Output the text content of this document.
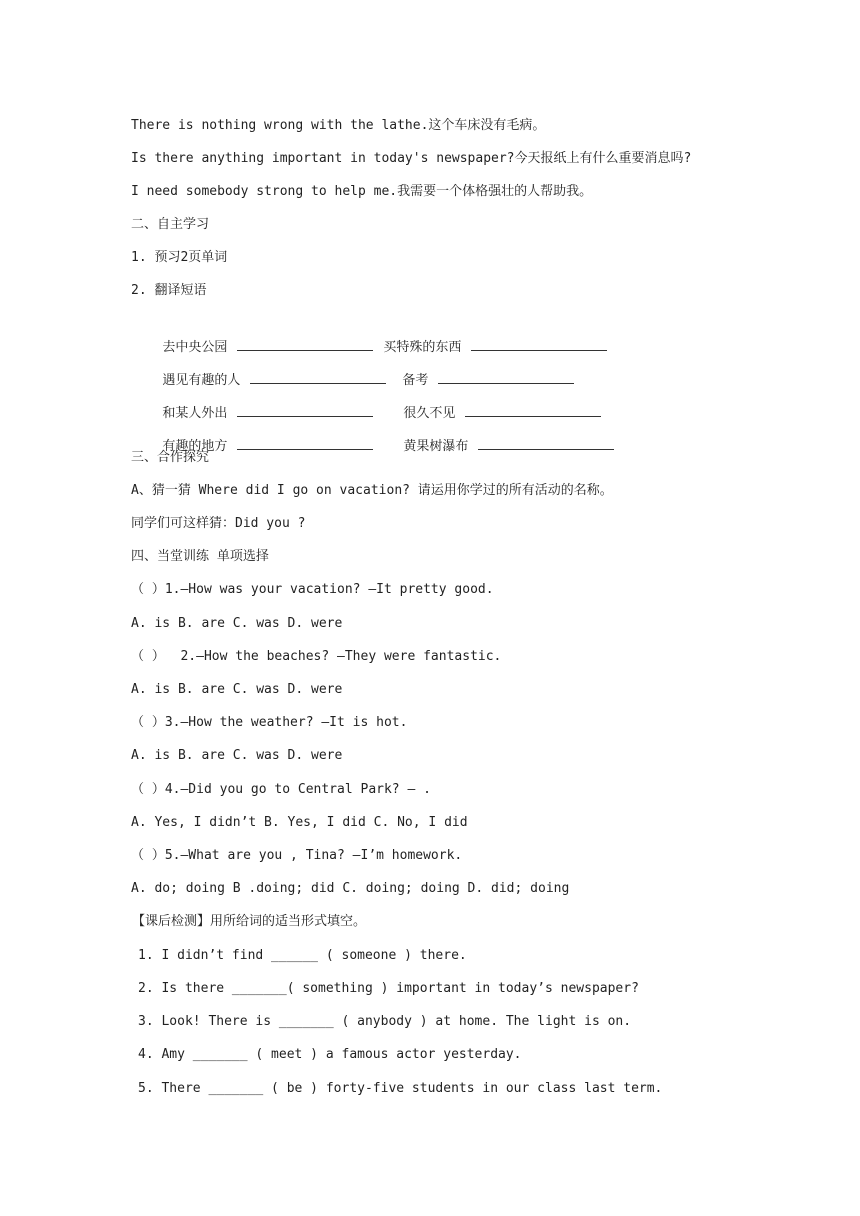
There is nothing wrong with the lathe.这个车床没有毛病。
Is there anything important in today's newspaper?今天报纸上有什么重要消息吗?
I need somebody strong to help me.我需要一个体格强壮的人帮助我。
二、自主学习
1. 预习2页单词
2. 翻译短语

去中央公园	买特殊的东西

遇见有趣的人	备考

和某人外出	很久不见

有趣的地方	黄果树瀑布

三、合作探究
A、猜一猜 Where did I go on vacation? 请运用你学过的所有活动的名称。
同学们可这样猜：Did you ?
四、当堂训练 单项选择
（ ）1.—How was your vacation? —It pretty good.
A. is B. are C. was D. were
（ ）  2.—How the beaches? —They were fantastic.
A. is B. are C. was D. were
（ ）3.—How the weather? —It is hot.
A. is B. are C. was D. were
（ ）4.—Did you go to Central Park? — .
A. Yes, I didn’t B. Yes, I did C. No, I did
（ ）5.—What are you , Tina? —I’m homework.
A. do; doing B .doing; did C. doing; doing D. did; doing
【课后检测】用所给词的适当形式填空。
1. I didn’t find ______ ( someone ) there.
2. Is there _______( something ) important in today’s newspaper?
3. Look! There is _______ ( anybody ) at home. The light is on.
4. Amy _______ ( meet ) a famous actor yesterday.
5. There _______ ( be ) forty-five students in our class last term.
